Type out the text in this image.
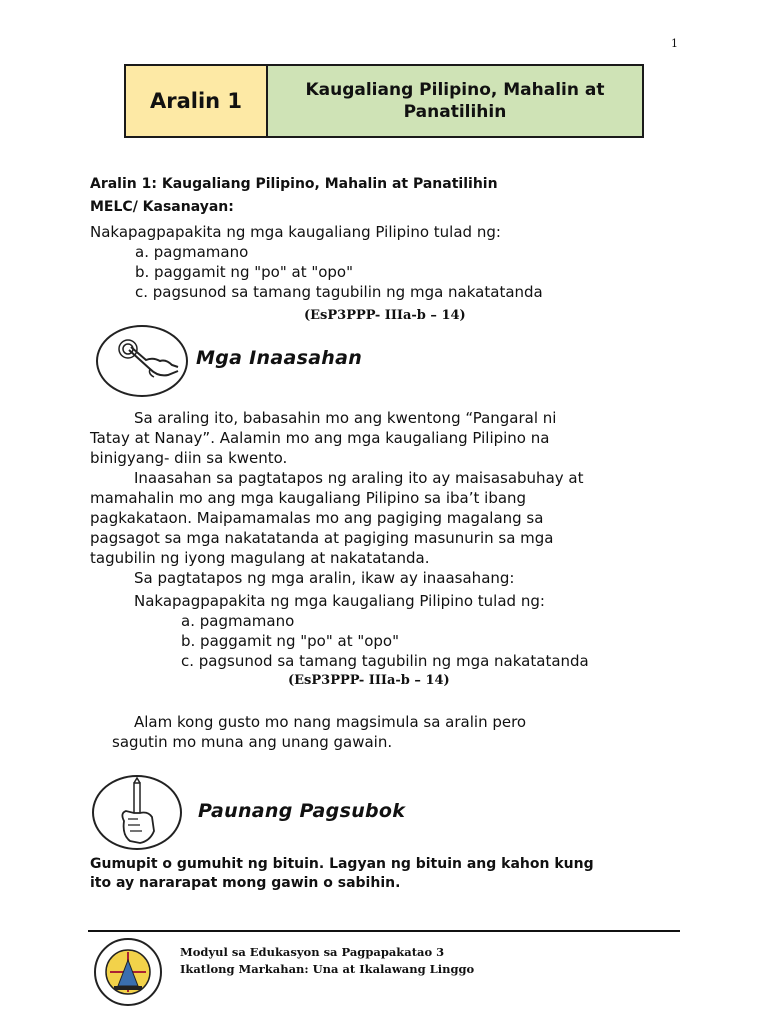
1
Aralin 1	Kaugaliang Pilipino, Mahalin at Panatilihin
Aralin 1: Kaugaliang Pilipino, Mahalin at Panatilihin
MELC/ Kasanayan:
Nakapagpapakita ng mga kaugaliang Pilipino tulad ng:
a. pagmamano
b. paggamit ng "po" at "opo"
c. pagsunod sa tamang tagubilin ng mga nakatatanda
(EsP3PPP- IIIa-b – 14)
Mga Inaasahan
Sa araling ito, babasahin mo ang kwentong “Pangaral ni
Tatay at Nanay”. Aalamin mo ang mga kaugaliang Pilipino na
binigyang- diin sa kwento.
Inaasahan sa pagtatapos ng araling ito ay maisasabuhay at
mamahalin mo ang mga kaugaliang Pilipino sa iba’t ibang
pagkakataon. Maipamamalas mo ang pagiging magalang sa
pagsagot sa mga nakatatanda at pagiging masunurin sa mga
tagubilin ng iyong magulang at nakatatanda.
Sa pagtatapos ng mga aralin, ikaw ay inaasahang:
Nakapagpapakita ng mga kaugaliang Pilipino tulad ng:
a. pagmamano
b. paggamit ng "po" at "opo"
c. pagsunod sa tamang tagubilin ng mga nakatatanda
(EsP3PPP- IIIa-b – 14)
Alam kong gusto mo nang magsimula sa aralin pero
sagutin mo muna ang unang gawain.
Paunang Pagsubok
Gumupit o gumuhit ng bituin. Lagyan ng bituin ang kahon kung
ito ay nararapat mong gawin o sabihin.
Modyul sa Edukasyon sa Pagpapakatao 3
Ikatlong Markahan: Una at Ikalawang Linggo
